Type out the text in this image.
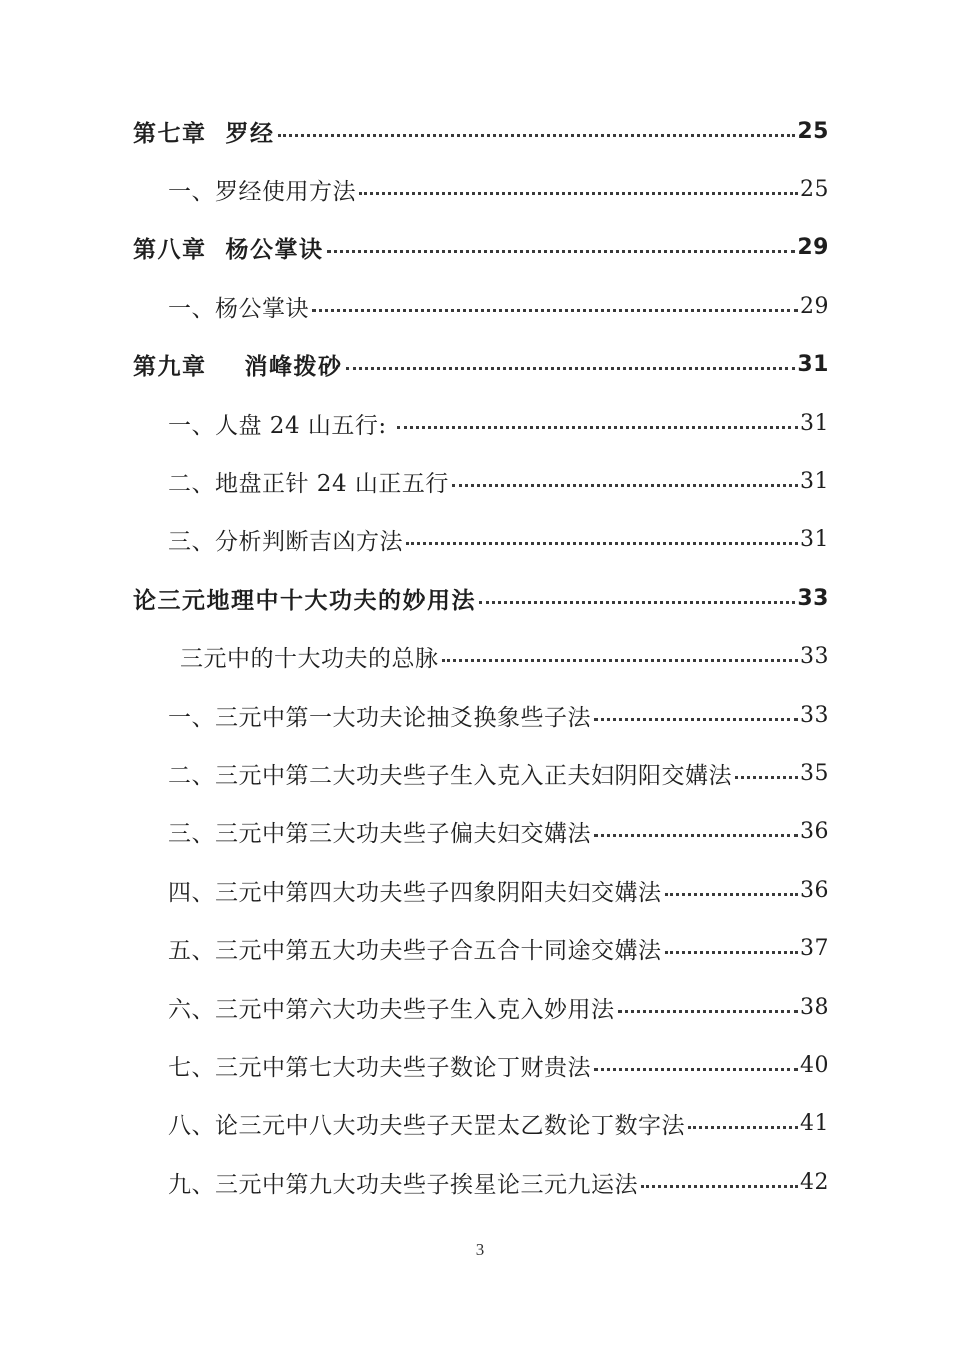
第七章  罗经	25
一、罗经使用方法	25
第八章  杨公掌诀	29
一、杨公掌诀	29
第九章    消峰拨砂	31
一、人盘 24 山五行:	31
二、地盘正针 24 山正五行	31
三、分析判断吉凶方法	31
论三元地理中十大功夫的妙用法	33
三元中的十大功夫的总脉	33
一、三元中第一大功夫论抽爻换象些子法	33
二、三元中第二大功夫些子生入克入正夫妇阴阳交媾法	35
三、三元中第三大功夫些子偏夫妇交媾法	36
四、三元中第四大功夫些子四象阴阳夫妇交媾法	36
五、三元中第五大功夫些子合五合十同途交媾法	37
六、三元中第六大功夫些子生入克入妙用法	38
七、三元中第七大功夫些子数论丁财贵法	40
八、论三元中八大功夫些子天罡太乙数论丁数字法	41
九、三元中第九大功夫些子挨星论三元九运法	42
3
